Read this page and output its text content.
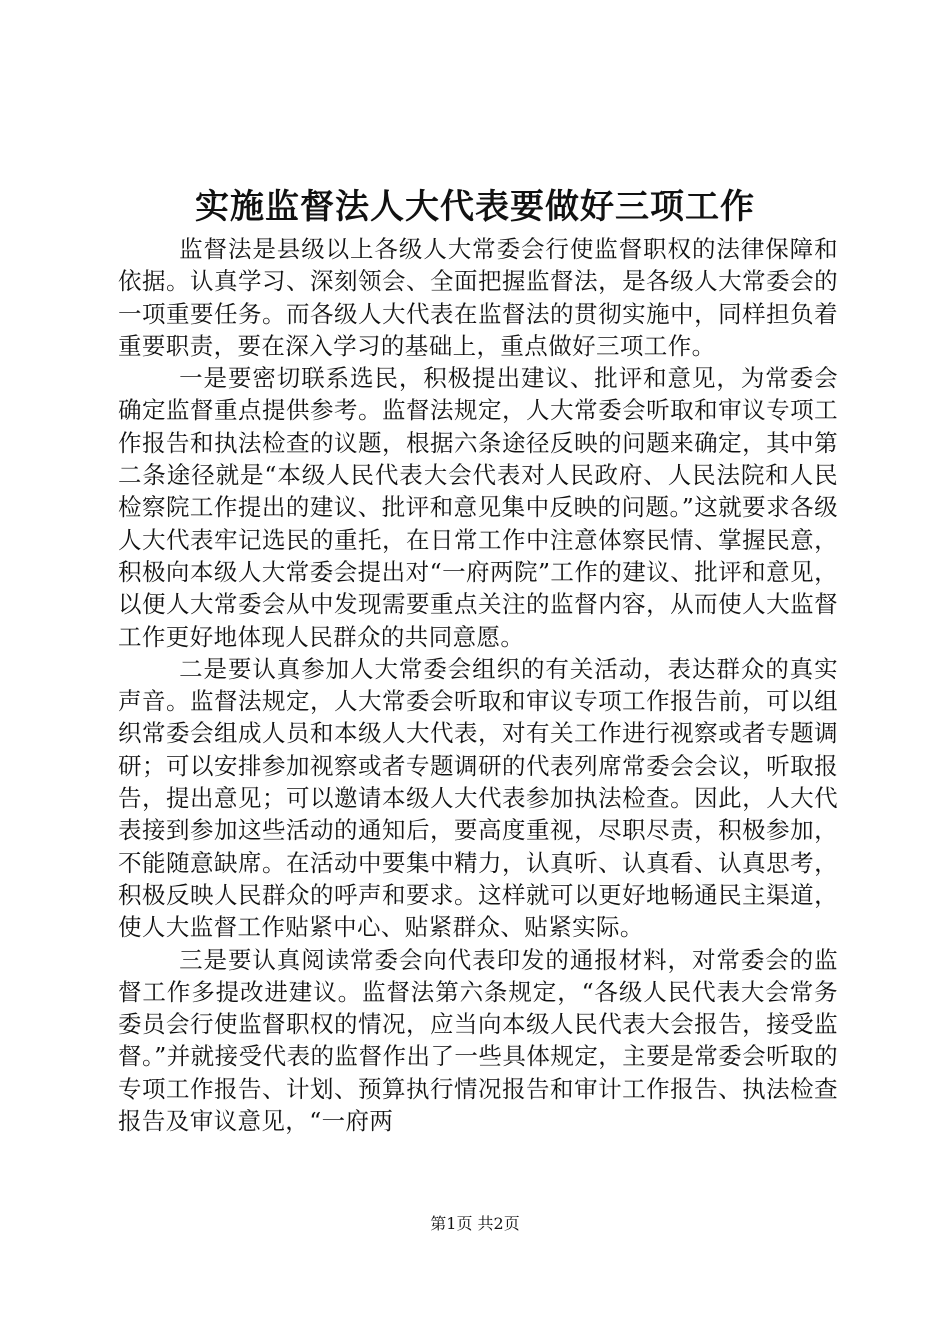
实施监督法人大代表要做好三项工作

监督法是县级以上各级人大常委会行使监督职权的法律保障和依据。认真学习、深刻领会、全面把握监督法，是各级人大常委会的一项重要任务。而各级人大代表在监督法的贯彻实施中，同样担负着重要职责，要在深入学习的基础上，重点做好三项工作。

一是要密切联系选民，积极提出建议、批评和意见，为常委会确定监督重点提供参考。监督法规定，人大常委会听取和审议专项工作报告和执法检查的议题，根据六条途径反映的问题来确定，其中第二条途径就是“本级人民代表大会代表对人民政府、人民法院和人民检察院工作提出的建议、批评和意见集中反映的问题。”这就要求各级人大代表牢记选民的重托，在日常工作中注意体察民情、掌握民意，积极向本级人大常委会提出对“一府两院”工作的建议、批评和意见，以便人大常委会从中发现需要重点关注的监督内容，从而使人大监督工作更好地体现人民群众的共同意愿。

二是要认真参加人大常委会组织的有关活动，表达群众的真实声音。监督法规定，人大常委会听取和审议专项工作报告前，可以组织常委会组成人员和本级人大代表，对有关工作进行视察或者专题调研；可以安排参加视察或者专题调研的代表列席常委会会议，听取报告，提出意见；可以邀请本级人大代表参加执法检查。因此，人大代表接到参加这些活动的通知后，要高度重视，尽职尽责，积极参加，不能随意缺席。在活动中要集中精力，认真听、认真看、认真思考，积极反映人民群众的呼声和要求。这样就可以更好地畅通民主渠道，使人大监督工作贴紧中心、贴紧群众、贴紧实际。

三是要认真阅读常委会向代表印发的通报材料，对常委会的监督工作多提改进建议。监督法第六条规定，“各级人民代表大会常务委员会行使监督职权的情况，应当向本级人民代表大会报告，接受监督。”并就接受代表的监督作出了一些具体规定，主要是常委会听取的专项工作报告、计划、预算执行情况报告和审计工作报告、执法检查报告及审议意见，“一府两

第1页 共2页
